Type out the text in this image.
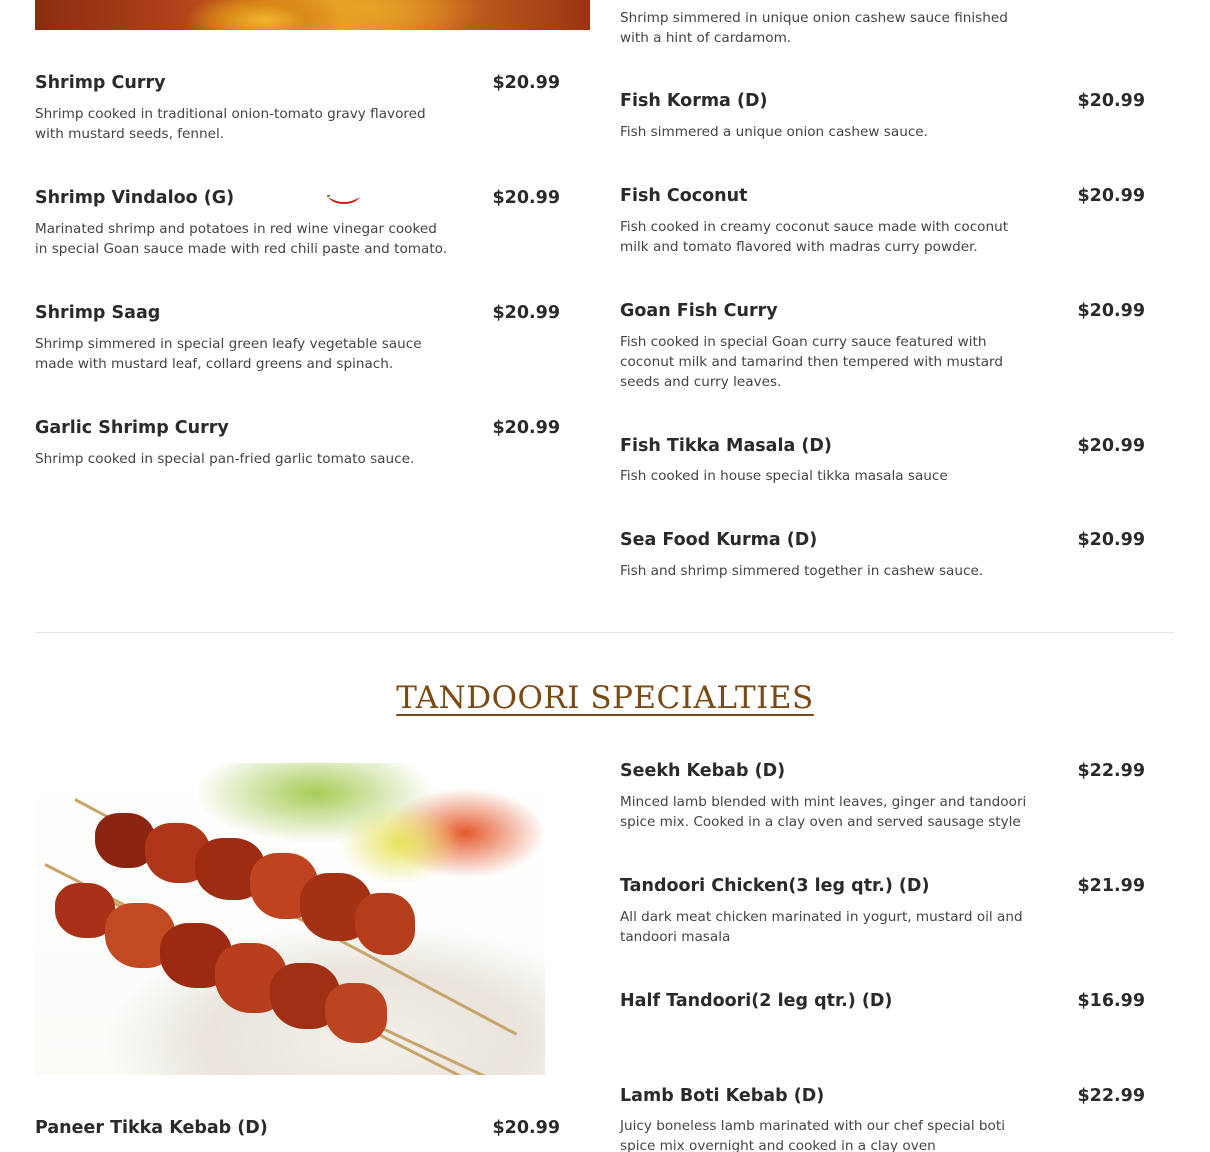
Shrimp simmered in unique onion cashew sauce finished with a hint of cardamom.
Shrimp Curry	$20.99
Shrimp cooked in traditional onion-tomato gravy flavored with mustard seeds, fennel.
Shrimp Vindaloo (G)	$20.99
Marinated shrimp and potatoes in red wine vinegar cooked in special Goan sauce made with red chili paste and tomato.
Shrimp Saag	$20.99
Shrimp simmered in special green leafy vegetable sauce made with mustard leaf, collard greens and spinach.
Garlic Shrimp Curry	$20.99
Shrimp cooked in special pan-fried garlic tomato sauce.
Fish Korma (D)	$20.99
Fish simmered a unique onion cashew sauce.
Fish Coconut	$20.99
Fish cooked in creamy coconut sauce made with coconut milk and tomato flavored with madras curry powder.
Goan Fish Curry	$20.99
Fish cooked in special Goan curry sauce featured with coconut milk and tamarind then tempered with mustard seeds and curry leaves.
Fish Tikka Masala (D)	$20.99
Fish cooked in house special tikka masala sauce
Sea Food Kurma (D)	$20.99
Fish and shrimp simmered together in cashew sauce.
TANDOORI SPECIALTIES
Seekh Kebab (D)	$22.99
Minced lamb blended with mint leaves, ginger and tandoori spice mix. Cooked in a clay oven and served sausage style
Tandoori Chicken(3 leg qtr.) (D)	$21.99
All dark meat chicken marinated in yogurt, mustard oil and tandoori masala
Half Tandoori(2 leg qtr.) (D)	$16.99
Lamb Boti Kebab (D)	$22.99
Juicy boneless lamb marinated with our chef special boti spice mix overnight and cooked in a clay oven
Paneer Tikka Kebab (D)	$20.99
